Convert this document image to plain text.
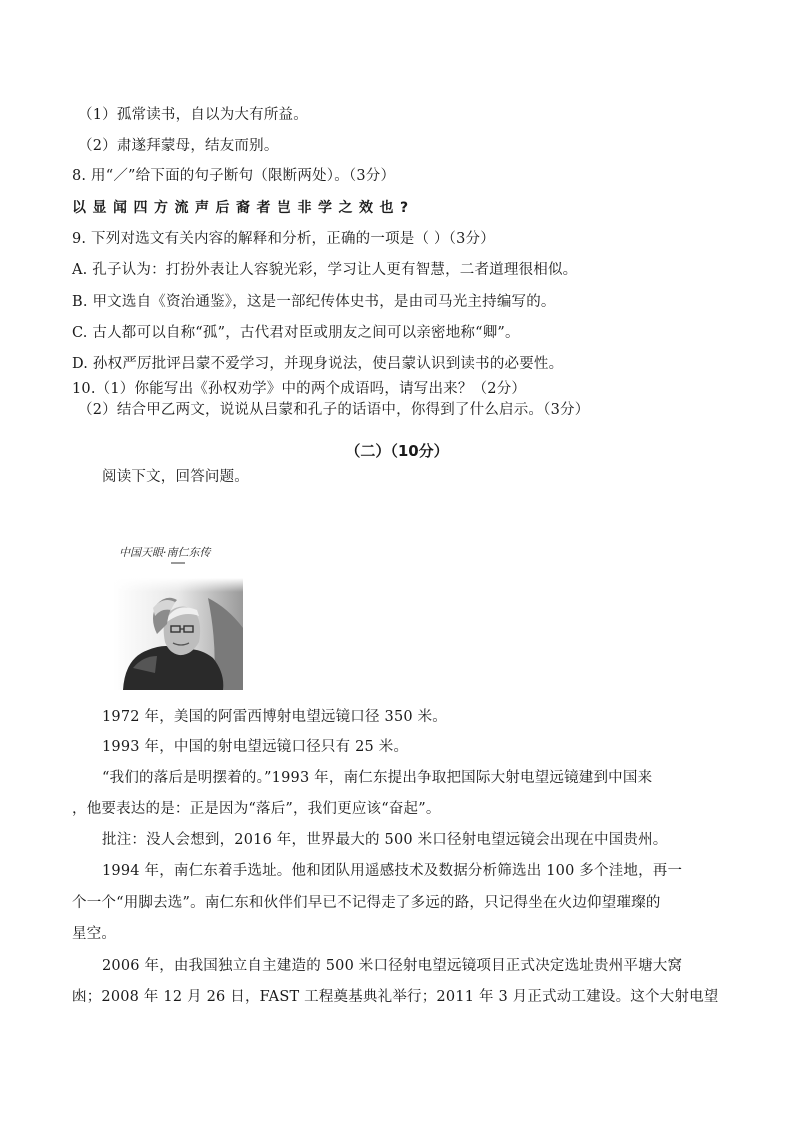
（1）孤常读书，自以为大有所益。
（2）肃遂拜蒙母，结友而别。
8. 用“／”给下面的句子断句（限断两处）。（3分）
以显闻四方流声后裔者岂非学之效也?
9. 下列对选文有关内容的解释和分析，正确的一项是（ ）（3分）
A. 孔子认为：打扮外表让人容貌光彩，学习让人更有智慧，二者道理很相似。
B. 甲文选自《资治通鉴》，这是一部纪传体史书，是由司马光主持编写的。
C. 古人都可以自称“孤”，古代君对臣或朋友之间可以亲密地称“卿”。
D. 孙权严厉批评吕蒙不爱学习，并现身说法，使吕蒙认识到读书的必要性。
10.（1）你能写出《孙权劝学》中的两个成语吗，请写出来？（2分）
（2）结合甲乙两文，说说从吕蒙和孔子的话语中，你得到了什么启示。（3分）
（二）（10分）
阅读下文，回答问题。
中国天眼·南仁东传
1972 年，美国的阿雷西博射电望远镜口径 350 米。
1993 年，中国的射电望远镜口径只有 25 米。
“我们的落后是明摆着的。”1993 年，南仁东提出争取把国际大射电望远镜建到中国来
，他要表达的是：正是因为“落后”，我们更应该“奋起”。
批注：没人会想到，2016 年，世界最大的 500 米口径射电望远镜会出现在中国贵州。
1994 年，南仁东着手选址。他和团队用遥感技术及数据分析筛选出 100 多个洼地，再一
个一个“用脚去选”。南仁东和伙伴们早已不记得走了多远的路，只记得坐在火边仰望璀璨的
星空。
2006 年，由我国独立自主建造的 500 米口径射电望远镜项目正式决定选址贵州平塘大窝
凼；2008 年 12 月 26 日，FAST 工程奠基典礼举行；2011 年 3 月正式动工建设。这个大射电望
